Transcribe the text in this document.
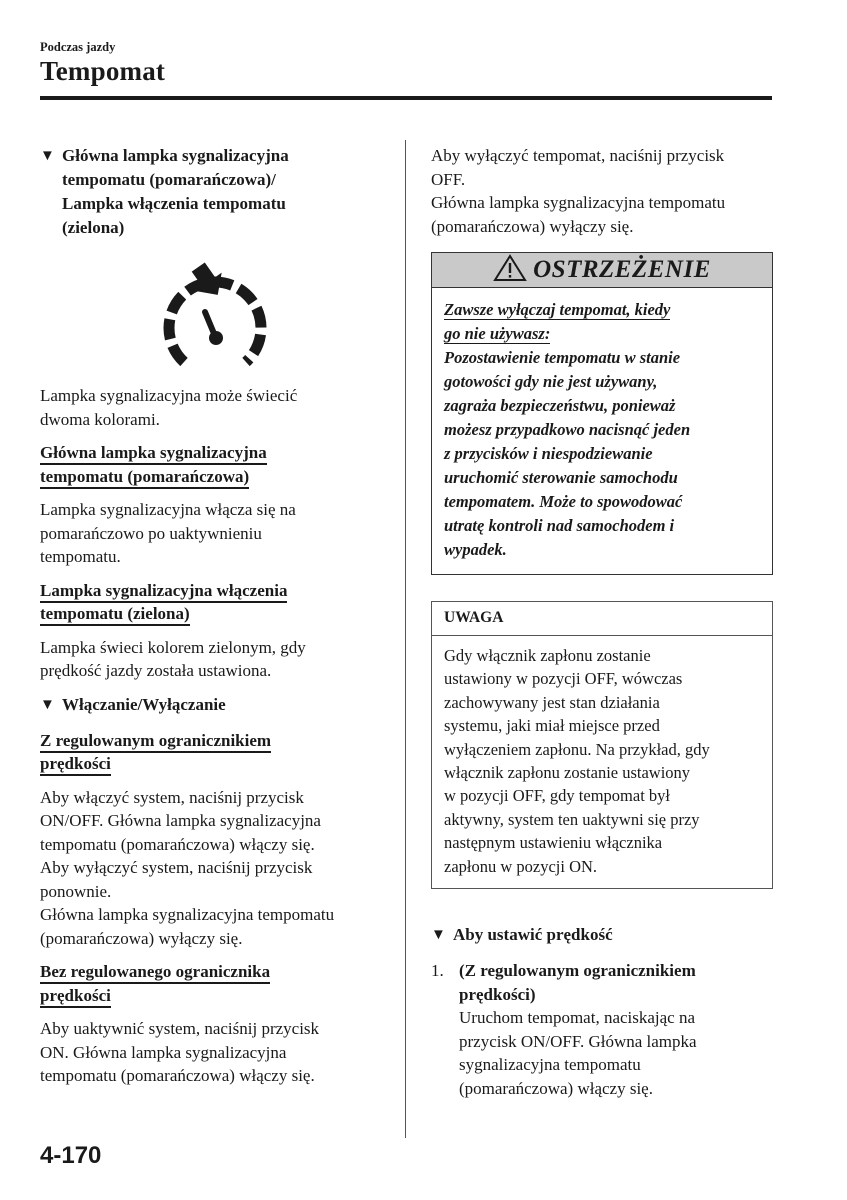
Podczas jazdy
Tempomat
▼ Główna lampka sygnalizacyjna
tempomatu (pomarańczowa)/
Lampka włączenia tempomatu
(zielona)

Lampka sygnalizacyjna może świecić
dwoma kolorami.

Główna lampka sygnalizacyjna
tempomatu (pomarańczowa)

Lampka sygnalizacyjna włącza się na
pomarańczowo po uaktywnieniu
tempomatu.

Lampka sygnalizacyjna włączenia
tempomatu (zielona)

Lampka świeci kolorem zielonym, gdy
prędkość jazdy została ustawiona.

▼ Włączanie/Wyłączanie

Z regulowanym ogranicznikiem
prędkości

Aby włączyć system, naciśnij przycisk
ON/OFF. Główna lampka sygnalizacyjna
tempomatu (pomarańczowa) włączy się.
Aby wyłączyć system, naciśnij przycisk
ponownie.
Główna lampka sygnalizacyjna tempomatu
(pomarańczowa) wyłączy się.

Bez regulowanego ogranicznika
prędkości

Aby uaktywnić system, naciśnij przycisk
ON. Główna lampka sygnalizacyjna
tempomatu (pomarańczowa) włączy się.

Aby wyłączyć tempomat, naciśnij przycisk
OFF.
Główna lampka sygnalizacyjna tempomatu
(pomarańczowa) wyłączy się.

OSTRZEŻENIE
Zawsze wyłączaj tempomat, kiedy
go nie używasz:
Pozostawienie tempomatu w stanie
gotowości gdy nie jest używany,
zagraża bezpieczeństwu, ponieważ
możesz przypadkowo nacisnąć jeden
z przycisków i niespodziewanie
uruchomić sterowanie samochodu
tempomatem. Może to spowodować
utratę kontroli nad samochodem i
wypadek.
UWAGA
Gdy włącznik zapłonu zostanie
ustawiony w pozycji OFF, wówczas
zachowywany jest stan działania
systemu, jaki miał miejsce przed
wyłączeniem zapłonu. Na przykład, gdy
włącznik zapłonu zostanie ustawiony
w pozycji OFF, gdy tempomat był
aktywny, system ten uaktywni się przy
następnym ustawieniu włącznika
zapłonu w pozycji ON.
▼ Aby ustawić prędkość
1. (Z regulowanym ogranicznikiem
prędkości)
Uruchom tempomat, naciskając na
przycisk ON/OFF. Główna lampka
sygnalizacyjna tempomatu
(pomarańczowa) włączy się.
4-170
